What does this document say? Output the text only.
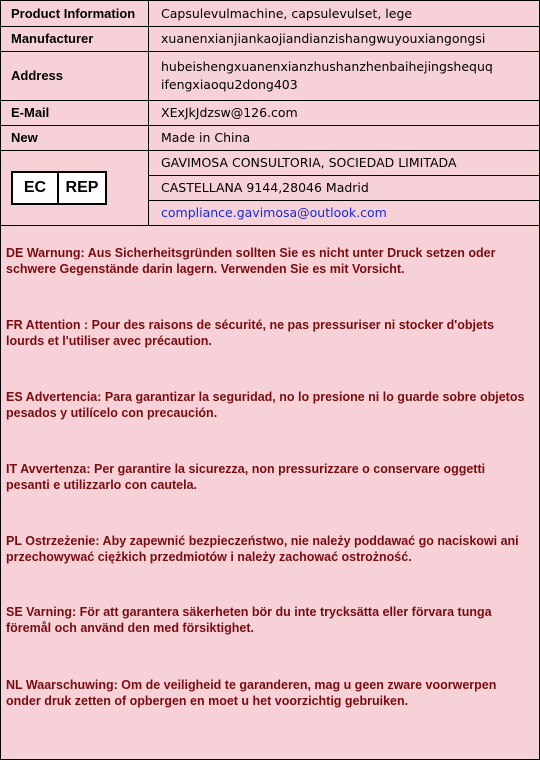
Product Information	Capsulevulmachine, capsulevulset, lege
Manufacturer	xuanenxianjiankaojiandianzishangwuyouxiangongsi
Address	hubeishengxuanenxianzhushanzhenbaihejingshequq
ifengxiaoqu2dong403
E-Mail	XExJkJdzsw@126.com
New	Made in China

EC REP	GAVIMOSA CONSULTORIA, SOCIEDAD LIMITADA
	CASTELLANA 9144,28046 Madrid
	compliance.gavimosa@outlook.com

DE Warnung: Aus Sicherheitsgründen sollten Sie es nicht unter Druck setzen oder schwere Gegenstände darin lagern. Verwenden Sie es mit Vorsicht.

FR Attention : Pour des raisons de sécurité, ne pas pressuriser ni stocker d'objets lourds et l'utiliser avec précaution.

ES Advertencia: Para garantizar la seguridad, no lo presione ni lo guarde sobre objetos pesados y utilícelo con precaución.

IT Avvertenza: Per garantire la sicurezza, non pressurizzare o conservare oggetti pesanti e utilizzarlo con cautela.

PL Ostrzeżenie: Aby zapewnić bezpieczeństwo, nie należy poddawać go naciskowi ani przechowywać ciężkich przedmiotów i należy zachować ostrożność.

SE Varning: För att garantera säkerheten bör du inte trycksätta eller förvara tunga föremål och använd den med försiktighet.

NL Waarschuwing: Om de veiligheid te garanderen, mag u geen zware voorwerpen onder druk zetten of opbergen en moet u het voorzichtig gebruiken.
